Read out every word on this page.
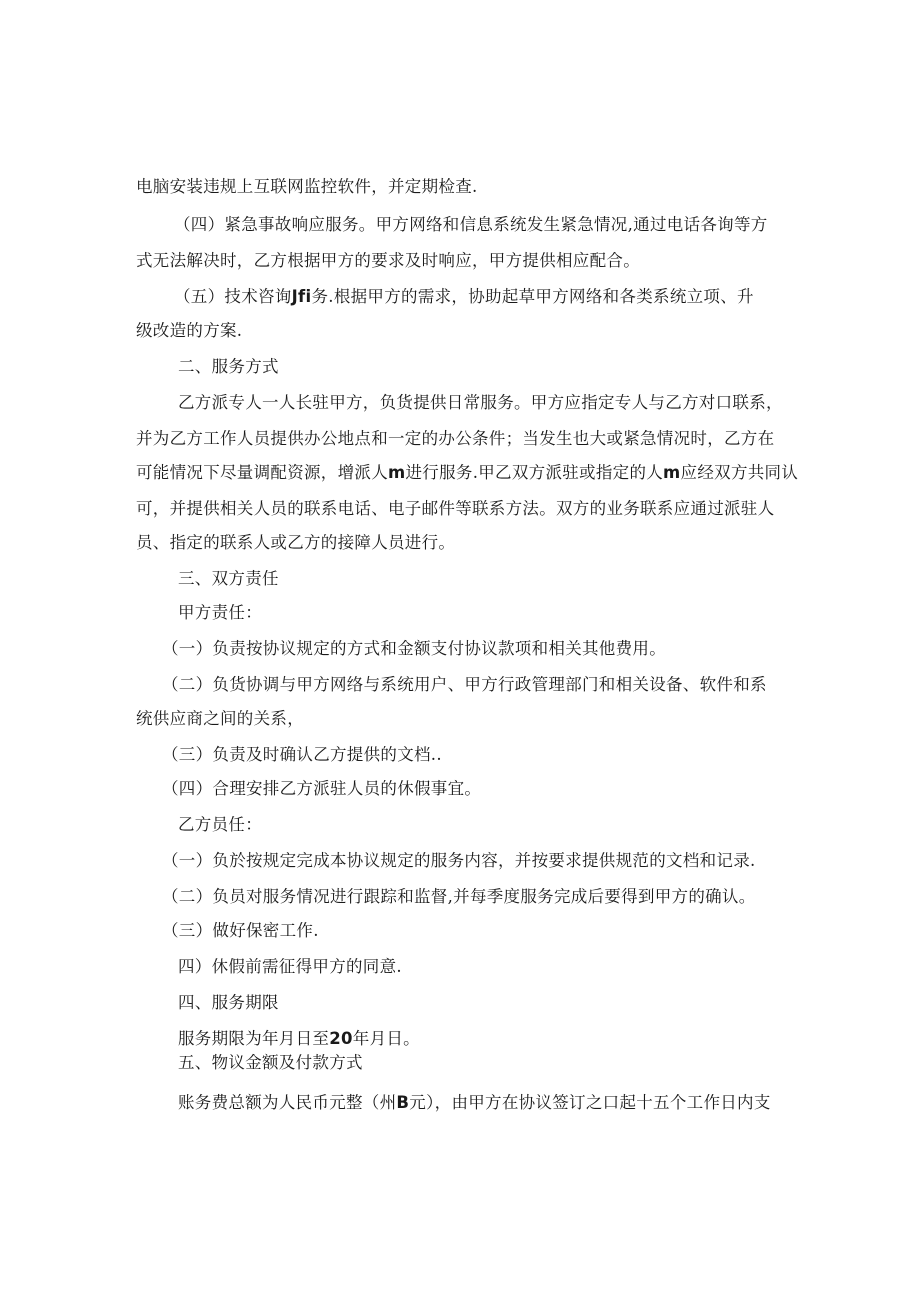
电脑安装违规上互联网监控软件，并定期检查.
（四）紧急事故响应服务。甲方网络和信息系统发生紧急情况,通过电话各询等方
式无法解决时，乙方根据甲方的要求及时响应，甲方提供相应配合。
（五）技术咨询Jfi务.根据甲方的需求，协助起草甲方网络和各类系统立项、升
级改造的方案.
二、服务方式
乙方派专人一人长驻甲方，负货提供日常服务。甲方应指定专人与乙方对口联系，
并为乙方工作人员提供办公地点和一定的办公条件；当发生也大或紧急情况时，乙方在
可能情况下尽量调配资源，增派人m进行服务.甲乙双方派驻或指定的人m应经双方共同认
可，并提供相关人员的联系电话、电子邮件等联系方法。双方的业务联系应通过派驻人
员、指定的联系人或乙方的接障人员进行。
三、双方责任
甲方责任：
（一）负责按协议规定的方式和金额支付协议款项和相关其他费用。
（二）负货协调与甲方网络与系统用户、甲方行政管理部门和相关设备、软件和系
统供应商之间的关系，
（三）负责及时确认乙方提供的文档..
（四）合理安排乙方派驻人员的休假事宜。
乙方员任：
（一）负於按规定完成本协议规定的服务内容，并按要求提供规范的文档和记录.
（二）负员对服务情况进行跟踪和监督,并每季度服务完成后要得到甲方的确认。
（三）做好保密工作.
四）休假前需征得甲方的同意.
四、服务期限
服务期限为年月日至20年月日。
五、物议金额及付款方式
账务费总额为人民币元整（州B元），由甲方在协议签订之口起十五个工作日内支
